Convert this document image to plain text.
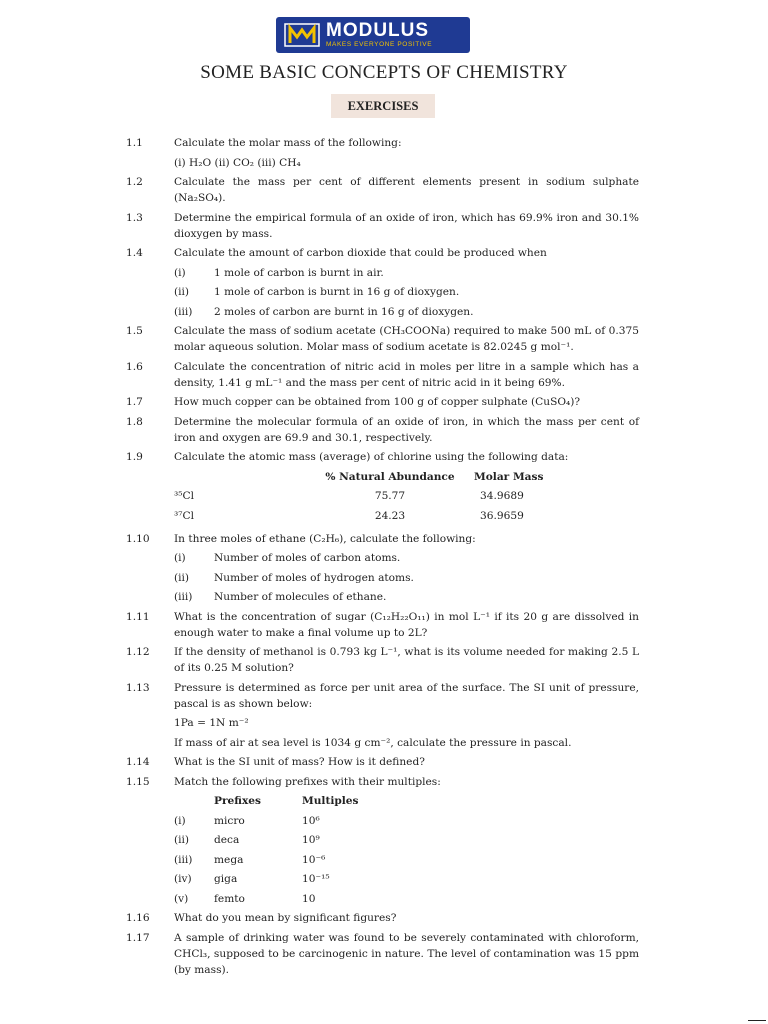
MODULUS
MAKES EVERYONE POSITIVE
SOME BASIC CONCEPTS OF CHEMISTRY
EXERCISES
1.1	Calculate the molar mass of the following:
(i) H₂O (ii) CO₂ (iii) CH₄
1.2	Calculate the mass per cent of different elements present in sodium sulphate (Na₂SO₄).
1.3	Determine the empirical formula of an oxide of iron, which has 69.9% iron and 30.1% dioxygen by mass.
1.4	Calculate the amount of carbon dioxide that could be produced when
(i)	1 mole of carbon is burnt in air.
(ii) 1 mole of carbon is burnt in 16 g of dioxygen.
(iii) 2 moles of carbon are burnt in 16 g of dioxygen.
1.5	Calculate the mass of sodium acetate (CH₃COONa) required to make 500 mL of 0.375 molar aqueous solution. Molar mass of sodium acetate is 82.0245 g mol⁻¹.
1.6	Calculate the concentration of nitric acid in moles per litre in a sample which has a density, 1.41 g mL⁻¹ and the mass per cent of nitric acid in it being 69%.
1.7	How much copper can be obtained from 100 g of copper sulphate (CuSO₄)?
1.8	Determine the molecular formula of an oxide of iron, in which the mass per cent of iron and oxygen are 69.9 and 30.1, respectively.
1.9	Calculate the atomic mass (average) of chlorine using the following data:
% Natural Abundance	Molar Mass
³⁵Cl	75.77	34.9689
³⁷Cl	24.23	36.9659
1.10 In three moles of ethane (C₂H₆), calculate the following:
(i)	Number of moles of carbon atoms.
(ii) Number of moles of hydrogen atoms.
(iii) Number of molecules of ethane.
1.11 What is the concentration of sugar (C₁₂H₂₂O₁₁) in mol L⁻¹ if its 20 g are dissolved in enough water to make a final volume up to 2L?
1.12 If the density of methanol is 0.793 kg L⁻¹, what is its volume needed for making 2.5 L of its 0.25 M solution?
1.13 Pressure is determined as force per unit area of the surface. The SI unit of pressure, pascal is as shown below:
1Pa = 1N m⁻²
If mass of air at sea level is 1034 g cm⁻², calculate the pressure in pascal.
1.14 What is the SI unit of mass? How is it defined?
1.15 Match the following prefixes with their multiples:
Prefixes	Multiples
(i)	micro	10⁶
(ii)	deca	10⁹
(iii)	mega	10⁻⁶
(iv)	giga	10⁻¹⁵
(v)	femto	10
1.16 What do you mean by significant figures?
1.17 A sample of drinking water was found to be severely contaminated with chloroform, CHCl₃, supposed to be carcinogenic in nature. The level of contamination was 15 ppm (by mass).
